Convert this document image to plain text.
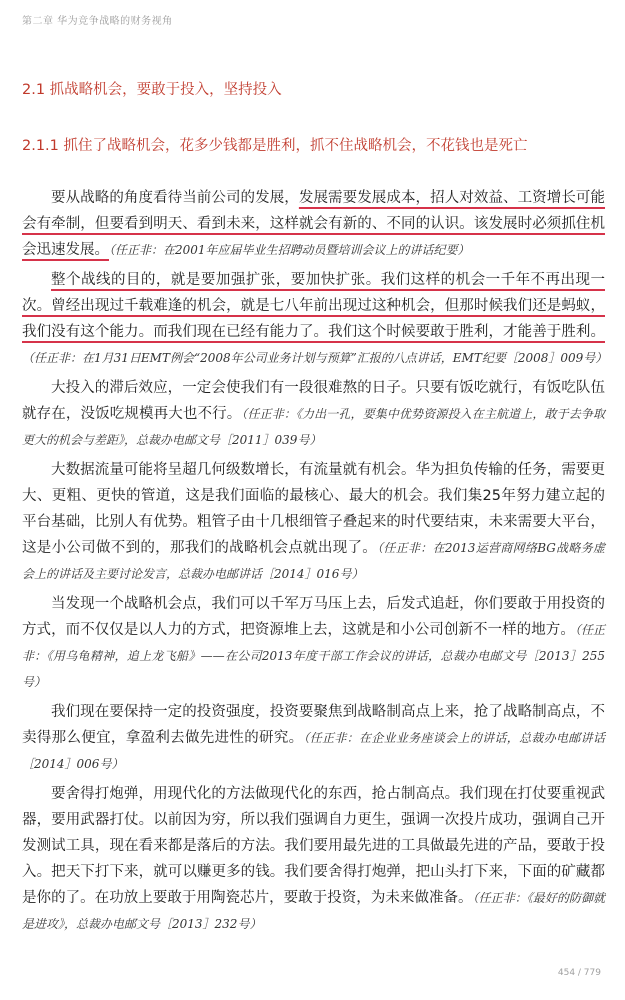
第二章 华为竞争战略的财务视角
2.1 抓战略机会，要敢于投入，坚持投入
2.1.1 抓住了战略机会，花多少钱都是胜利，抓不住战略机会，不花钱也是死亡

要从战略的角度看待当前公司的发展，发展需要发展成本，招人对效益、工资增长可能会有牵制，但要看到明天、看到未来，这样就会有新的、不同的认识。该发展时必须抓住机会迅速发展。（任正非：在2001年应届毕业生招聘动员暨培训会议上的讲话纪要）

整个战线的目的，就是要加强扩张，要加快扩张。我们这样的机会一千年不再出现一次。曾经出现过千载难逢的机会，就是七八年前出现过这种机会，但那时候我们还是蚂蚁，我们没有这个能力。而我们现在已经有能力了。我们这个时候要敢于胜利，才能善于胜利。（任正非：在1月31日EMT例会“2008年公司业务计划与预算”汇报的八点讲话，EMT纪要［2008］009号）

大投入的滞后效应，一定会使我们有一段很难熬的日子。只要有饭吃就行，有饭吃队伍就存在，没饭吃规模再大也不行。（任正非：《力出一孔，要集中优势资源投入在主航道上，敢于去争取更大的机会与差距》，总裁办电邮文号［2011］039号）

大数据流量可能将呈超几何级数增长，有流量就有机会。华为担负传输的任务，需要更大、更粗、更快的管道，这是我们面临的最核心、最大的机会。我们集25年努力建立起的平台基础，比别人有优势。粗管子由十几根细管子叠起来的时代要结束，未来需要大平台，这是小公司做不到的，那我们的战略机会点就出现了。（任正非：在2013运营商网络BG战略务虚会上的讲话及主要讨论发言，总裁办电邮讲话［2014］016号）

当发现一个战略机会点，我们可以千军万马压上去，后发式追赶，你们要敢于用投资的方式，而不仅仅是以人力的方式，把资源堆上去，这就是和小公司创新不一样的地方。（任正非：《用乌龟精神，追上龙飞船》——在公司2013年度干部工作会议的讲话，总裁办电邮文号［2013］255号）

我们现在要保持一定的投资强度，投资要聚焦到战略制高点上来，抢了战略制高点，不卖得那么便宜，拿盈利去做先进性的研究。（任正非：在企业业务座谈会上的讲话，总裁办电邮讲话［2014］006号）

要舍得打炮弹，用现代化的方法做现代化的东西，抢占制高点。我们现在打仗要重视武器，要用武器打仗。以前因为穷，所以我们强调自力更生，强调一次投片成功，强调自己开发测试工具，现在看来都是落后的方法。我们要用最先进的工具做最先进的产品，要敢于投入。把天下打下来，就可以赚更多的钱。我们要舍得打炮弹，把山头打下来，下面的矿藏都是你的了。在功放上要敢于用陶瓷芯片，要敢于投资，为未来做准备。（任正非：《最好的防御就是进攻》，总裁办电邮文号［2013］232号）

454 / 779
